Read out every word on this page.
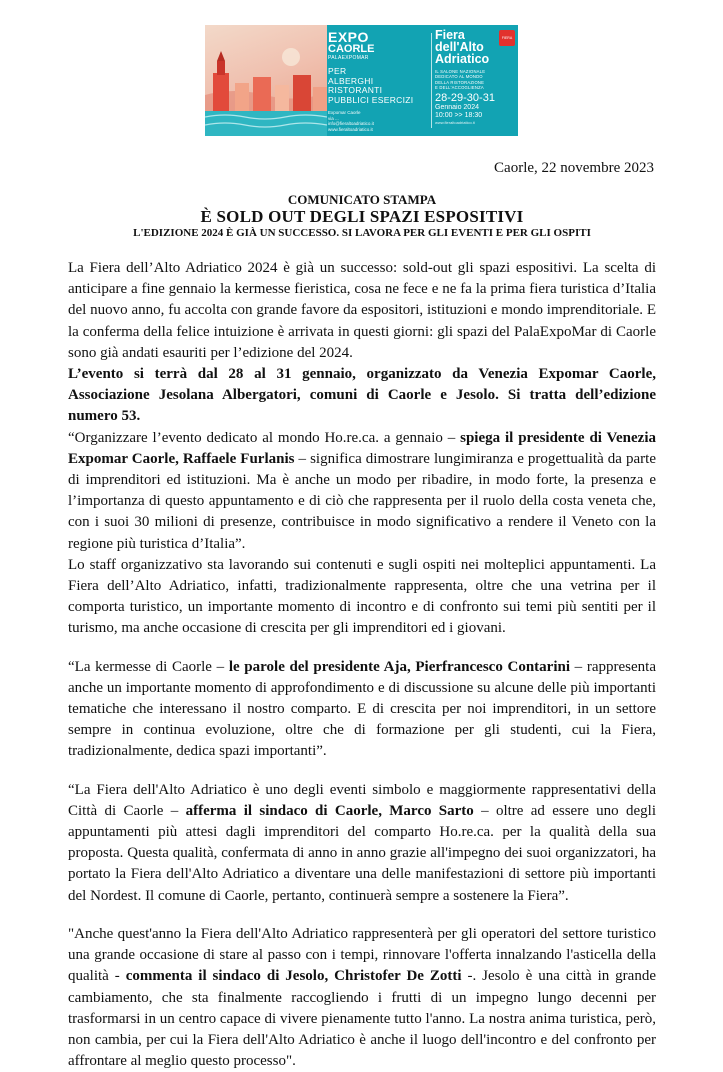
EXPO
CAORLE
PALAEXPOMAR
PER
ALBERGHI
RISTORANTI
PUBBLICI ESERCIZI
Expomar Caorle
via ...
info@fieraltoadriatico.it
www.fieraltoadriatico.it
Fiera
dell'Alto
Adriatico
IL SALONE NAZIONALE
DEDICATO AL MONDO
DELLA RISTORAZIONE
E DELL'ACCOGLIENZA
28-29-30-31
Gennaio 2024
10:00 >> 18:30
www.fieraltoadriatico.it
FIERA
Caorle, 22 novembre 2023
COMUNICATO STAMPA
È SOLD OUT DEGLI SPAZI ESPOSITIVI
L'EDIZIONE 2024 È GIÀ UN SUCCESSO. SI LAVORA PER GLI EVENTI E PER GLI OSPITI

La Fiera dell’Alto Adriatico 2024 è già un successo: sold-out gli spazi espositivi. La scelta di anticipare a fine gennaio la kermesse fieristica, cosa ne fece e ne fa la prima fiera turistica d’Italia del nuovo anno, fu accolta con grande favore da espositori, istituzioni e mondo imprenditoriale. E la conferma della felice intuizione è arrivata in questi giorni: gli spazi del PalaExpoMar di Caorle sono già andati esauriti per l’edizione del 2024.

L’evento si terrà dal 28 al 31 gennaio, organizzato da Venezia Expomar Caorle, Associazione Jesolana Albergatori, comuni di Caorle e Jesolo. Si tratta dell’edizione numero 53.

“Organizzare l’evento dedicato al mondo Ho.re.ca. a gennaio – spiega il presidente di Venezia Expomar Caorle, Raffaele Furlanis – significa dimostrare lungimiranza e progettualità da parte di imprenditori ed istituzioni. Ma è anche un modo per ribadire, in modo forte, la presenza e l’importanza di questo appuntamento e di ciò che rappresenta per il ruolo della costa veneta che, con i suoi 30 milioni di presenze, contribuisce in modo significativo a rendere il Veneto con la regione più turistica d’Italia”.

Lo staff organizzativo sta lavorando sui contenuti e sugli ospiti nei molteplici appuntamenti. La Fiera dell’Alto Adriatico, infatti, tradizionalmente rappresenta, oltre che una vetrina per il comporta turistico, un importante momento di incontro e di confronto sui temi più sentiti per il turismo, ma anche occasione di crescita per gli imprenditori ed i giovani.

“La kermesse di Caorle – le parole del presidente Aja, Pierfrancesco Contarini – rappresenta anche un importante momento di approfondimento e di discussione su alcune delle più importanti tematiche che interessano il nostro comparto. E di crescita per noi imprenditori, in un settore sempre in continua evoluzione, oltre che di formazione per gli studenti, cui la Fiera, tradizionalmente, dedica spazi importanti”.

“La Fiera dell'Alto Adriatico è uno degli eventi simbolo e maggiormente rappresentativi della Città di Caorle – afferma il sindaco di Caorle, Marco Sarto – oltre ad essere uno degli appuntamenti più attesi dagli imprenditori del comparto Ho.re.ca. per la qualità della sua proposta. Questa qualità, confermata di anno in anno grazie all'impegno dei suoi organizzatori, ha portato la Fiera dell'Alto Adriatico a diventare una delle manifestazioni di settore più importanti del Nordest. Il comune di Caorle, pertanto, continuerà sempre a sostenere la Fiera”.

"Anche quest'anno la Fiera dell'Alto Adriatico rappresenterà per gli operatori del settore turistico una grande occasione di stare al passo con i tempi, rinnovare l'offerta innalzando l'asticella della qualità - commenta il sindaco di Jesolo, Christofer De Zotti -. Jesolo è una città in grande cambiamento, che sta finalmente raccogliendo i frutti di un impegno lungo decenni per trasformarsi in un centro capace di vivere pienamente tutto l'anno. La nostra anima turistica, però, non cambia, per cui la Fiera dell'Alto Adriatico è anche il luogo dell'incontro e del confronto per affrontare al meglio questo processo".
